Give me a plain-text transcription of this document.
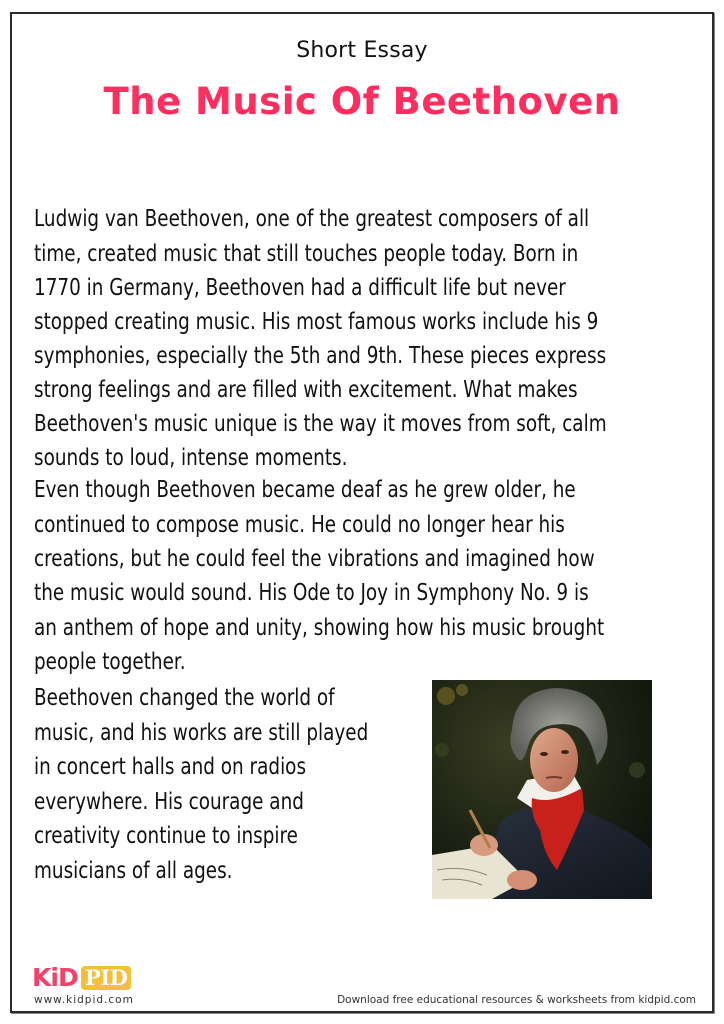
Short Essay
The Music Of Beethoven
Ludwig van Beethoven, one of the greatest composers of all
time, created music that still touches people today. Born in
1770 in Germany, Beethoven had a difficult life but never
stopped creating music. His most famous works include his 9
symphonies, especially the 5th and 9th. These pieces express
strong feelings and are filled with excitement. What makes
Beethoven's music unique is the way it moves from soft, calm
sounds to loud, intense moments.
Even though Beethoven became deaf as he grew older, he
continued to compose music. He could no longer hear his
creations, but he could feel the vibrations and imagined how
the music would sound. His Ode to Joy in Symphony No. 9 is
an anthem of hope and unity, showing how his music brought
people together.
Beethoven changed the world of
music, and his works are still played
in concert halls and on radios
everywhere. His courage and
creativity continue to inspire
musicians of all ages.
KiD PID
www.kidpid.com	Download free educational resources & worksheets from kidpid.com
